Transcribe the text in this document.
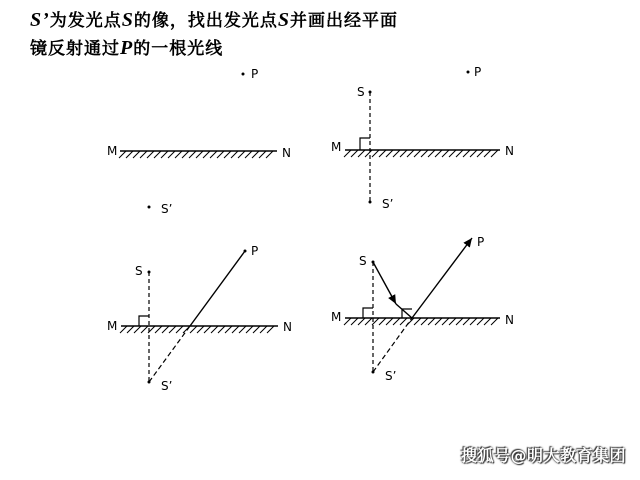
S’为发光点S的像，找出发光点S并画出经平面
镜反射通过P的一根光线
M	N
P
S’
M	N
P
S
S’
M	N
P
S
S’
M	N
P
S
S’
搜狐号@明大教育集团
